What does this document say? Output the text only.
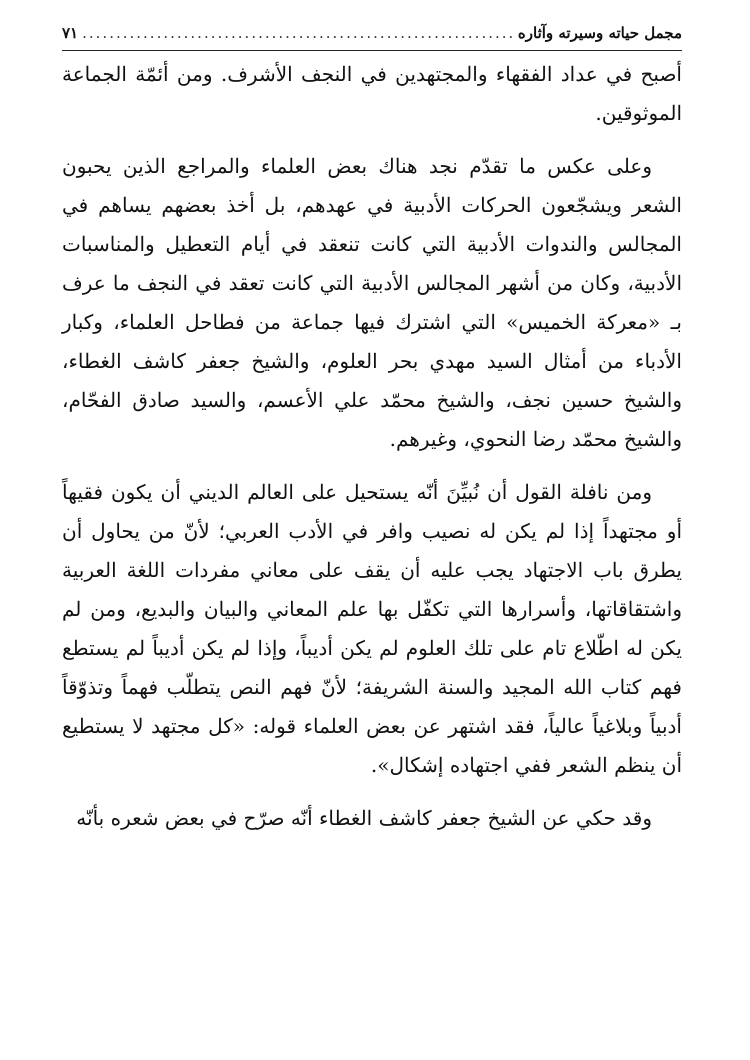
مجمل حياته وسيرته وآثاره
.....
٧١

أصبح في عداد الفقهاء والمجتهدين في النجف الأشرف. ومن أئمّة الجماعة الموثوقين.

وعلى عكس ما تقدّم نجد هناك بعض العلماء والمراجع الذين يحبون الشعر ويشجّعون الحركات الأدبية في عهدهم، بل أخذ بعضهم يساهم في المجالس والندوات الأدبية التي كانت تنعقد في أيام التعطيل والمناسبات الأدبية، وكان من أشهر المجالس الأدبية التي كانت تعقد في النجف ما عرف بـ «معركة الخميس» التي اشترك فيها جماعة من فطاحل العلماء، وكبار الأدباء من أمثال السيد مهدي بحر العلوم، والشيخ جعفر كاشف الغطاء، والشيخ حسين نجف، والشيخ محمّد علي الأعسم، والسيد صادق الفحّام، والشيخ محمّد رضا النحوي، وغيرهم.

ومن نافلة القول أن نُبيِّنَ أنّه يستحيل على العالم الديني أن يكون فقيهاً أو مجتهداً إذا لم يكن له نصيب وافر في الأدب العربي؛ لأنّ من يحاول أن يطرق باب الاجتهاد يجب عليه أن يقف على معاني مفردات اللغة العربية واشتقاقاتها، وأسرارها التي تكفّل بها علم المعاني والبيان والبديع، ومن لم يكن له اطّلاع تام على تلك العلوم لم يكن أديباً، وإذا لم يكن أديباً لم يستطع فهم كتاب الله المجيد والسنة الشريفة؛ لأنّ فهم النص يتطلّب فهماً وتذوّقاً أدبياً وبلاغياً عالياً، فقد اشتهر عن بعض العلماء قوله: «كل مجتهد لا يستطيع أن ينظم الشعر ففي اجتهاده إشكال».

وقد حكي عن الشيخ جعفر كاشف الغطاء أنّه صرّح في بعض شعره بأنّه
